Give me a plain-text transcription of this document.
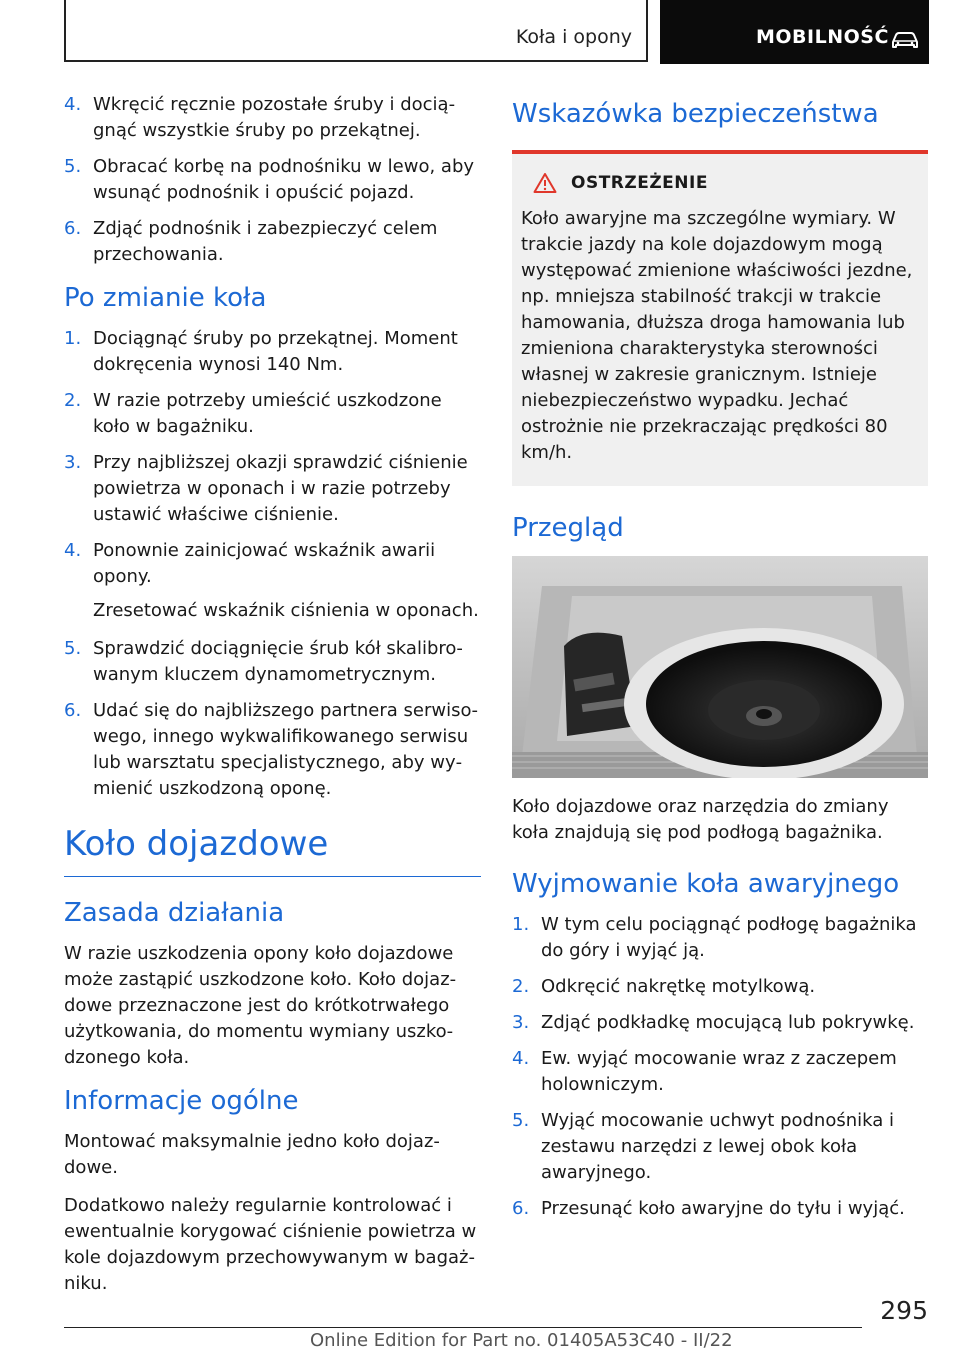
Koła i opony	MOBILNOŚĆ
4. Wkręcić ręcznie pozostałe śruby i dociągnąć wszystkie śruby po przekątnej.
5. Obracać korbę na podnośniku w lewo, aby wsunąć podnośnik i opuścić pojazd.
6. Zdjąć podnośnik i zabezpieczyć celem przechowania.
Po zmianie koła
1. Dociągnąć śruby po przekątnej. Moment dokręcenia wynosi 140 Nm.
2. W razie potrzeby umieścić uszkodzone koło w bagażniku.
3. Przy najbliższej okazji sprawdzić ciśnienie powietrza w oponach i w razie potrzeby ustawić właściwe ciśnienie.
4. Ponownie zainicjować wskaźnik awarii opony.
Zresetować wskaźnik ciśnienia w oponach.
5. Sprawdzić dociągnięcie śrub kół skalibrowanym kluczem dynamometrycznym.
6. Udać się do najbliższego partnera serwisowego, innego wykwalifikowanego serwisu lub warsztatu specjalistycznego, aby wymienić uszkodzoną oponę.
Koło dojazdowe
Zasada działania

W razie uszkodzenia opony koło dojazdowe może zastąpić uszkodzone koło. Koło dojazdowe przeznaczone jest do krótkotrwałego użytkowania, do momentu wymiany uszkodzonego koła.

Informacje ogólne

Montować maksymalnie jedno koło dojazdowe.

Dodatkowo należy regularnie kontrolować i ewentualnie korygować ciśnienie powietrza w kole dojazdowym przechowywanym w bagażniku.

Wskazówka bezpieczeństwa
OSTRZEŻENIE
Koło awaryjne ma szczególne wymiary. W trakcie jazdy na kole dojazdowym mogą występować zmienione właściwości jezdne, np. mniejsza stabilność trakcji w trakcie hamowania, dłuższa droga hamowania lub zmieniona charakterystyka sterowności własnej w zakresie granicznym. Istnieje niebezpieczeństwo wypadku. Jechać ostrożnie nie przekraczając prędkości 80 km/h.
Przegląd

Koło dojazdowe oraz narzędzia do zmiany koła znajdują się pod podłogą bagażnika.

Wyjmowanie koła awaryjnego
1. W tym celu pociągnąć podłogę bagażnika do góry i wyjąć ją.
2. Odkręcić nakrętkę motylkową.
3. Zdjąć podkładkę mocującą lub pokrywkę.
4. Ew. wyjąć mocowanie wraz z zaczepem holowniczym.
5. Wyjąć mocowanie uchwyt podnośnika i zestawu narzędzi z lewej obok koła awaryjnego.
6. Przesunąć koło awaryjne do tyłu i wyjąć.
295
Online Edition for Part no. 01405A53C40 - II/22
